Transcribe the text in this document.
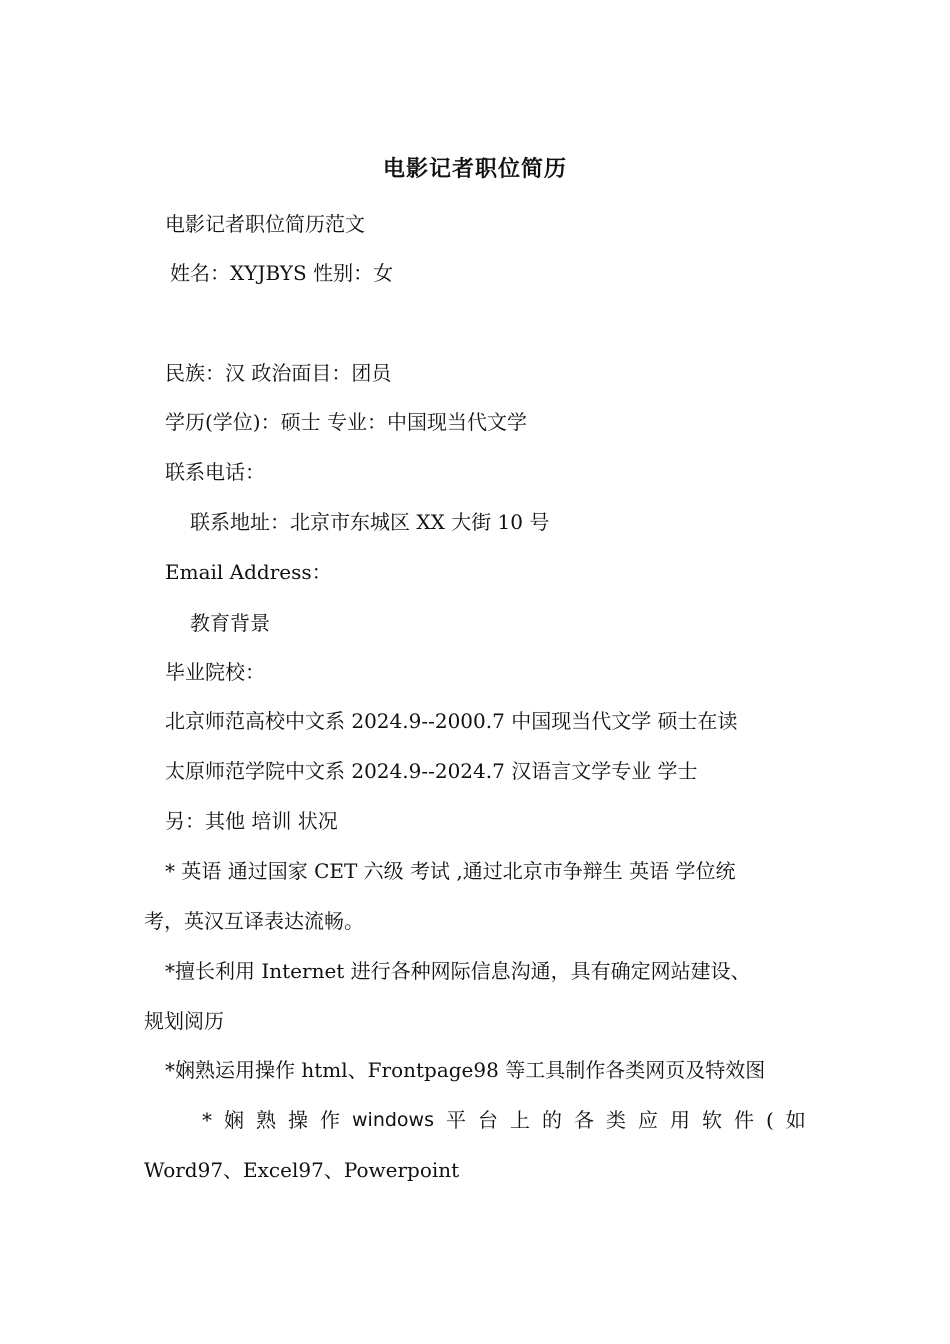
电影记者职位简历
电影记者职位简历范文
姓名：XYJBYS 性别：女
民族：汉 政治面目：团员
学历(学位)：硕士 专业：中国现当代文学
联系电话：
联系地址：北京市东城区 XX 大街 10 号
Email Address：
教育背景
毕业院校：
北京师范高校中文系 2024.9--2000.7 中国现当代文学 硕士在读
太原师范学院中文系 2024.9--2024.7 汉语言文学专业 学士
另：其他 培训 状况
* 英语 通过国家 CET 六级 考试 ,通过北京市争辩生 英语 学位统
考，英汉互译表达流畅。
*擅长利用 Internet 进行各种网际信息沟通，具有确定网站建设、
规划阅历
*娴熟运用操作 html、Frontpage98 等工具制作各类网页及特效图
* 娴 熟 操 作 windows 平 台 上 的 各 类 应 用 软 件 ( 如
Word97、Excel97、Powerpoint
